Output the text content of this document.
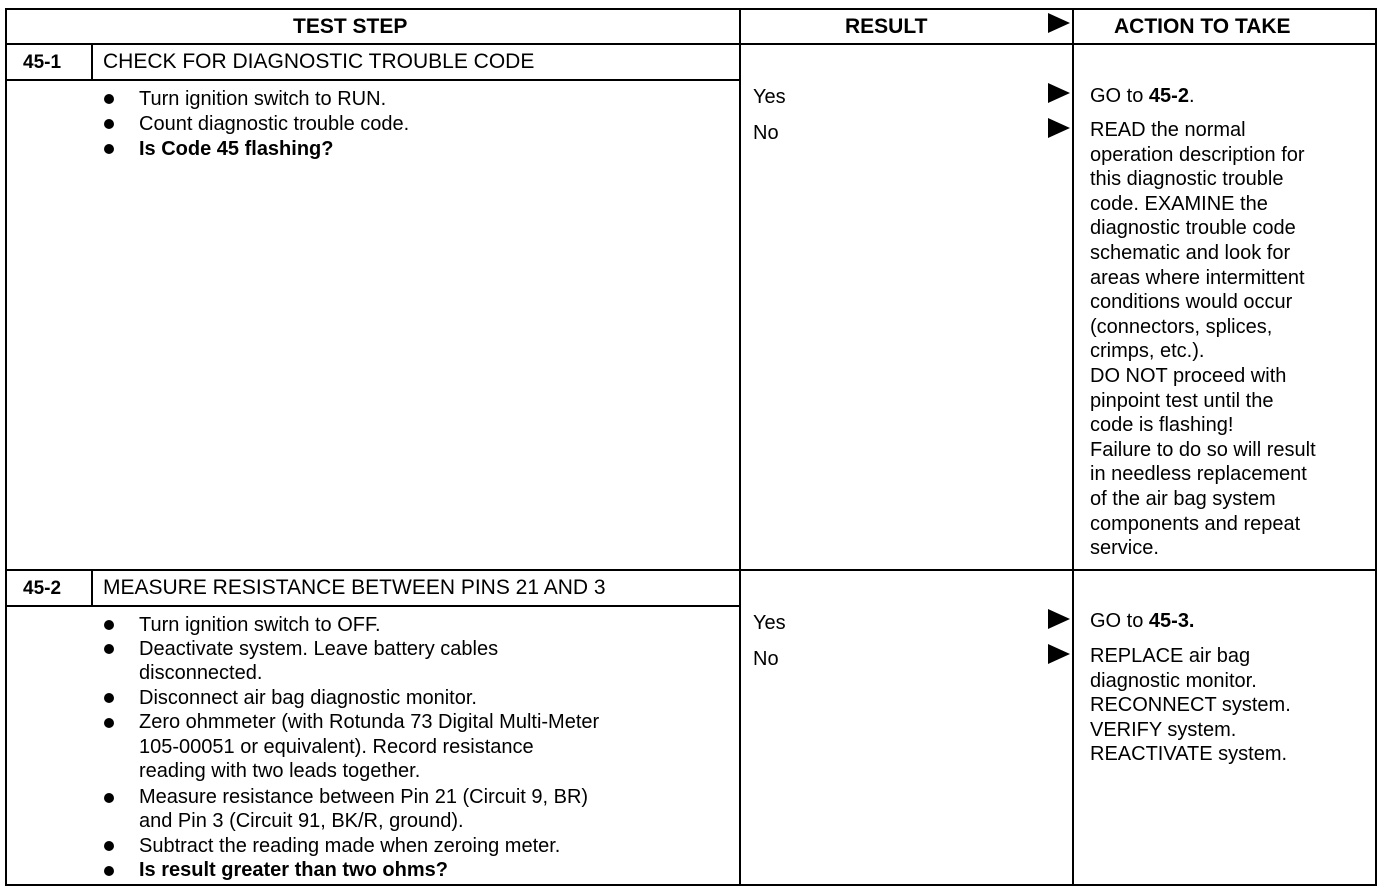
TEST STEP	RESULT	ACTION TO TAKE
45-1 CHECK FOR DIAGNOSTIC TROUBLE CODE
Turn ignition switch to RUN.
Count diagnostic trouble code.
Is Code 45 flashing?
Yes
No
GO to 45-2.
READ the normal
operation description for
this diagnostic trouble
code. EXAMINE the
diagnostic trouble code
schematic and look for
areas where intermittent
conditions would occur
(connectors, splices,
crimps, etc.).
DO NOT proceed with
pinpoint test until the
code is flashing!
Failure to do so will result
in needless replacement
of the air bag system
components and repeat
service.
45-2 MEASURE RESISTANCE BETWEEN PINS 21 AND 3
Turn ignition switch to OFF.
Deactivate system. Leave battery cables
disconnected.
Disconnect air bag diagnostic monitor.
Zero ohmmeter (with Rotunda 73 Digital Multi-Meter
105-00051 or equivalent). Record resistance
reading with two leads together.
Measure resistance between Pin 21 (Circuit 9, BR)
and Pin 3 (Circuit 91, BK/R, ground).
Subtract the reading made when zeroing meter.
Is result greater than two ohms?
Yes
No
GO to 45-3.
REPLACE air bag
diagnostic monitor.
RECONNECT system.
VERIFY system.
REACTIVATE system.
